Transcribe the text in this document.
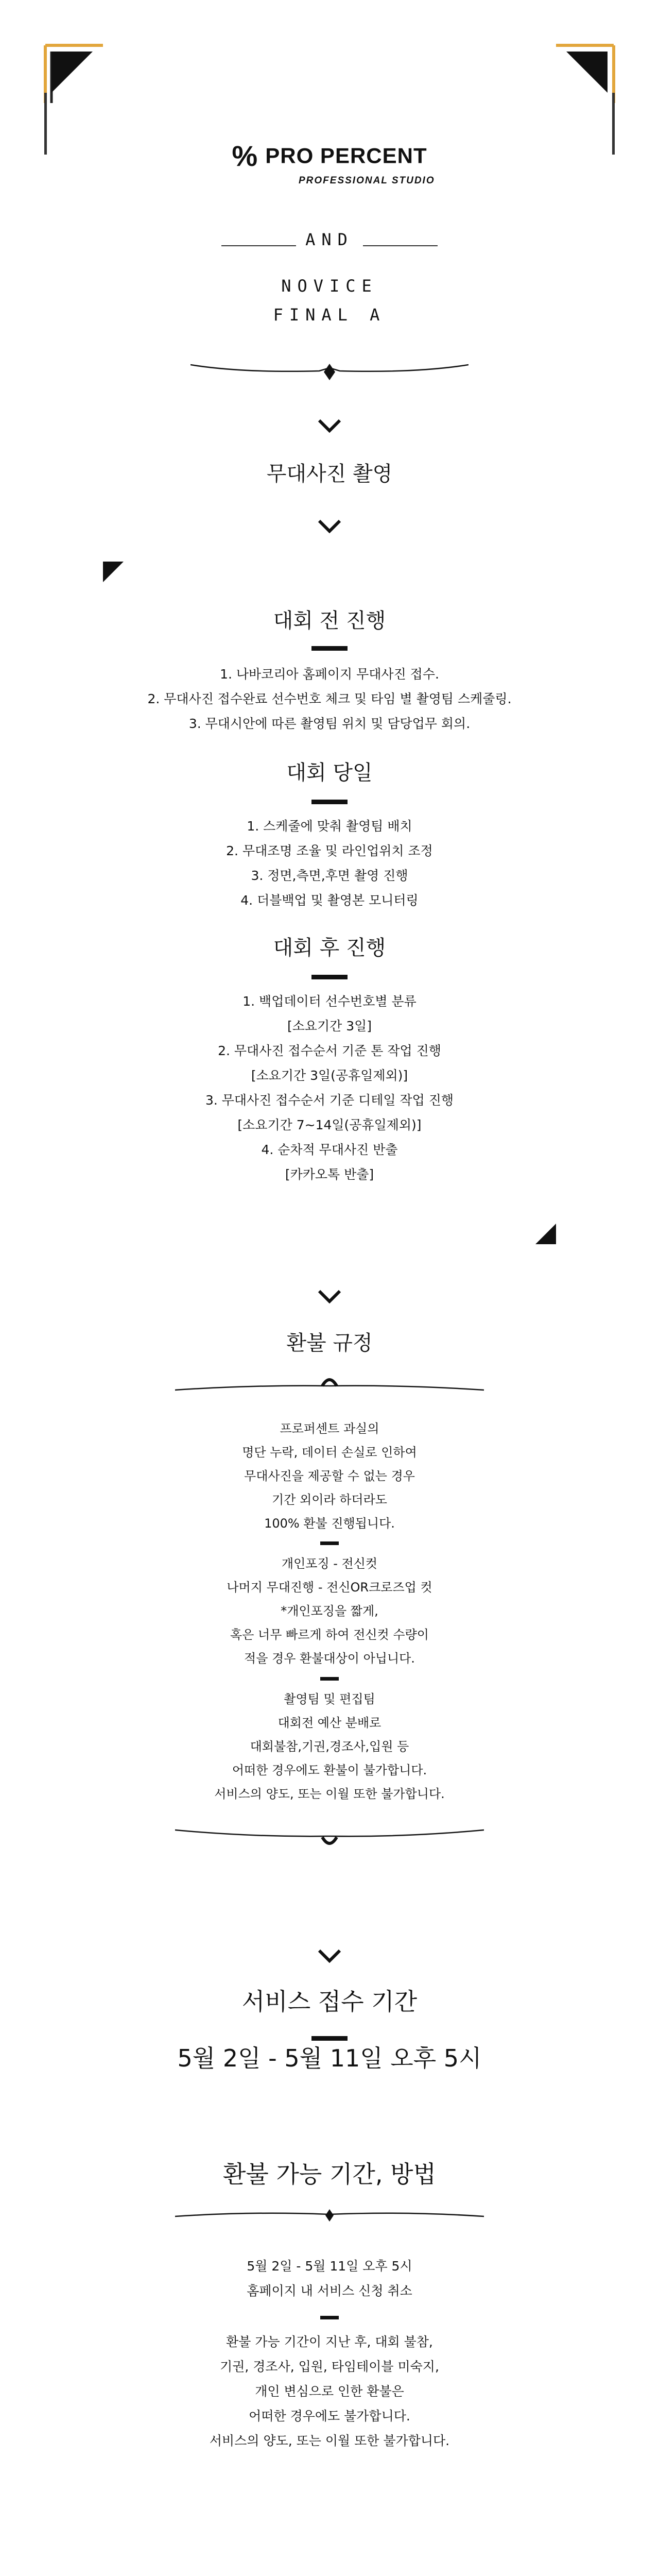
% PRO PERCENT
PROFESSIONAL STUDIO
AND
NOVICE
FINAL A
무대사진 촬영
대회 전 진행
1. 나바코리아 홈페이지 무대사진 접수.
2. 무대사진 접수완료 선수번호 체크 및 타임 별 촬영팀 스케줄링.
3. 무대시안에 따른 촬영팀 위치 및 담당업무 회의.
대회 당일
1. 스케줄에 맞춰 촬영팀 배치
2. 무대조명 조율 및 라인업위치 조정
3. 정면,측면,후면 촬영 진행
4. 더블백업 및 촬영본 모니터링
대회 후 진행
1. 백업데이터 선수번호별 분류
[소요기간 3일]
2. 무대사진 접수순서 기준 톤 작업 진행
[소요기간 3일(공휴일제외)]
3. 무대사진 접수순서 기준 디테일 작업 진행
[소요기간 7~14일(공휴일제외)]
4. 순차적 무대사진 반출
[카카오톡 반출]
환불 규정
프로퍼센트 과실의
명단 누락, 데이터 손실로 인하여
무대사진을 제공할 수 없는 경우
기간 외이라 하더라도
100% 환불 진행됩니다.
개인포징 - 전신컷
나머지 무대진행 - 전신OR크로즈업 컷
*개인포징을 짧게,
혹은 너무 빠르게 하여 전신컷 수량이
적을 경우 환불대상이 아닙니다.
촬영팀 및 편집팀
대회전 예산 분배로
대회불참,기권,경조사,입원 등
어떠한 경우에도 환불이 불가합니다.
서비스의 양도, 또는 이월 또한 불가합니다.
서비스 접수 기간
5월 2일 - 5월 11일 오후 5시
환불 가능 기간, 방법
5월 2일 - 5월 11일 오후 5시
홈페이지 내 서비스 신청 취소
환불 가능 기간이 지난 후, 대회 불참,
기권, 경조사, 입원, 타임테이블 미숙지,
개인 변심으로 인한 환불은
어떠한 경우에도 불가합니다.
서비스의 양도, 또는 이월 또한 불가합니다.
